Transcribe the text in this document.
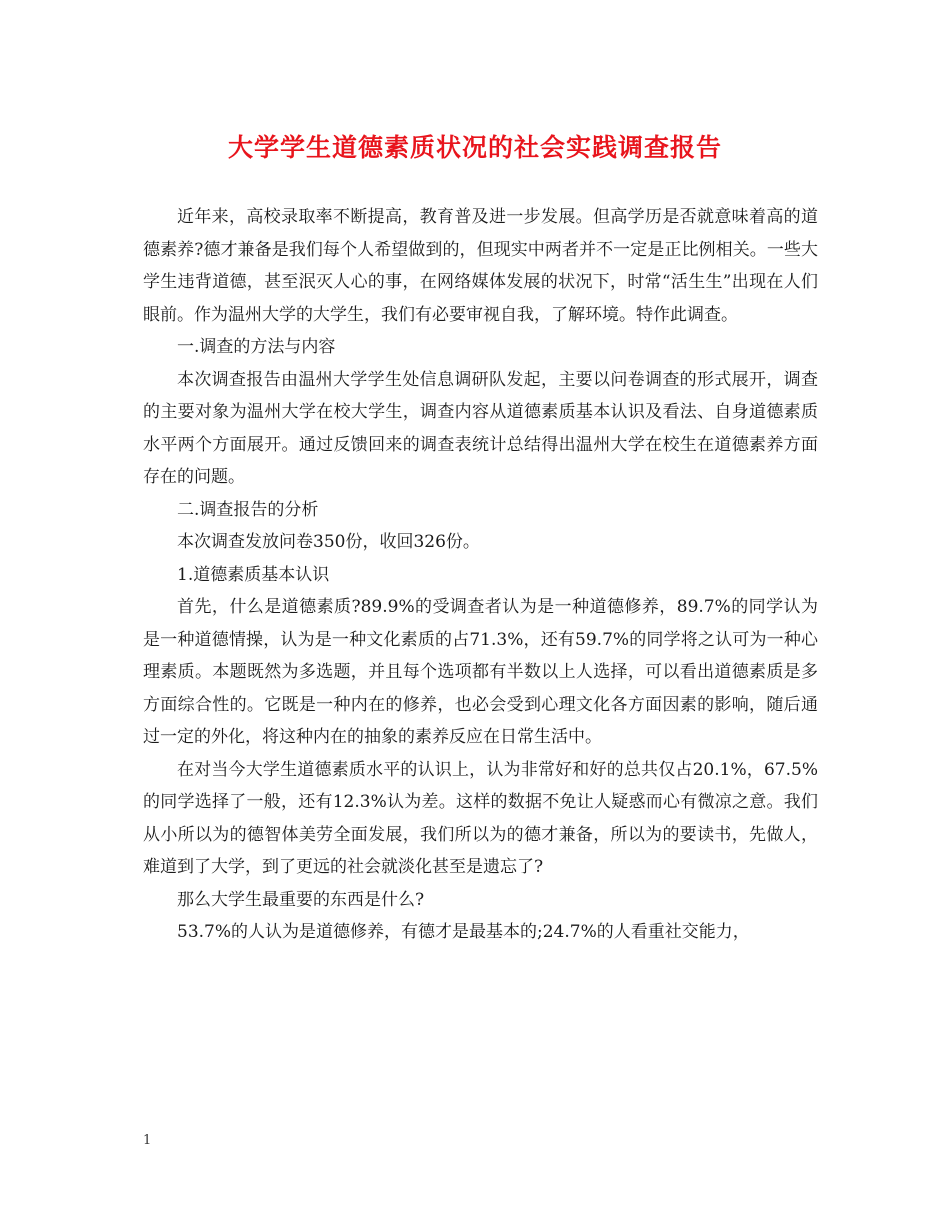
大学学生道德素质状况的社会实践调查报告

近年来，高校录取率不断提高，教育普及进一步发展。但高学历是否就意味着高的道德素养?德才兼备是我们每个人希望做到的，但现实中两者并不一定是正比例相关。一些大学生违背道德，甚至泯灭人心的事，在网络媒体发展的状况下，时常“活生生”出现在人们眼前。作为温州大学的大学生，我们有必要审视自我，了解环境。特作此调查。

一.调查的方法与内容

本次调查报告由温州大学学生处信息调研队发起，主要以问卷调查的形式展开，调查的主要对象为温州大学在校大学生，调查内容从道德素质基本认识及看法、自身道德素质水平两个方面展开。通过反馈回来的调查表统计总结得出温州大学在校生在道德素养方面存在的问题。

二.调查报告的分析

本次调查发放问卷350份，收回326份。

1.道德素质基本认识

首先，什么是道德素质?89.9%的受调查者认为是一种道德修养，89.7%的同学认为是一种道德情操，认为是一种文化素质的占71.3%，还有59.7%的同学将之认可为一种心理素质。本题既然为多选题，并且每个选项都有半数以上人选择，可以看出道德素质是多方面综合性的。它既是一种内在的修养，也必会受到心理文化各方面因素的影响，随后通过一定的外化，将这种内在的抽象的素养反应在日常生活中。

在对当今大学生道德素质水平的认识上，认为非常好和好的总共仅占20.1%，67.5%的同学选择了一般，还有12.3%认为差。这样的数据不免让人疑惑而心有微凉之意。我们从小所以为的德智体美劳全面发展，我们所以为的德才兼备，所以为的要读书，先做人，难道到了大学，到了更远的社会就淡化甚至是遗忘了?

那么大学生最重要的东西是什么?

53.7%的人认为是道德修养，有德才是最基本的;24.7%的人看重社交能力，

1
